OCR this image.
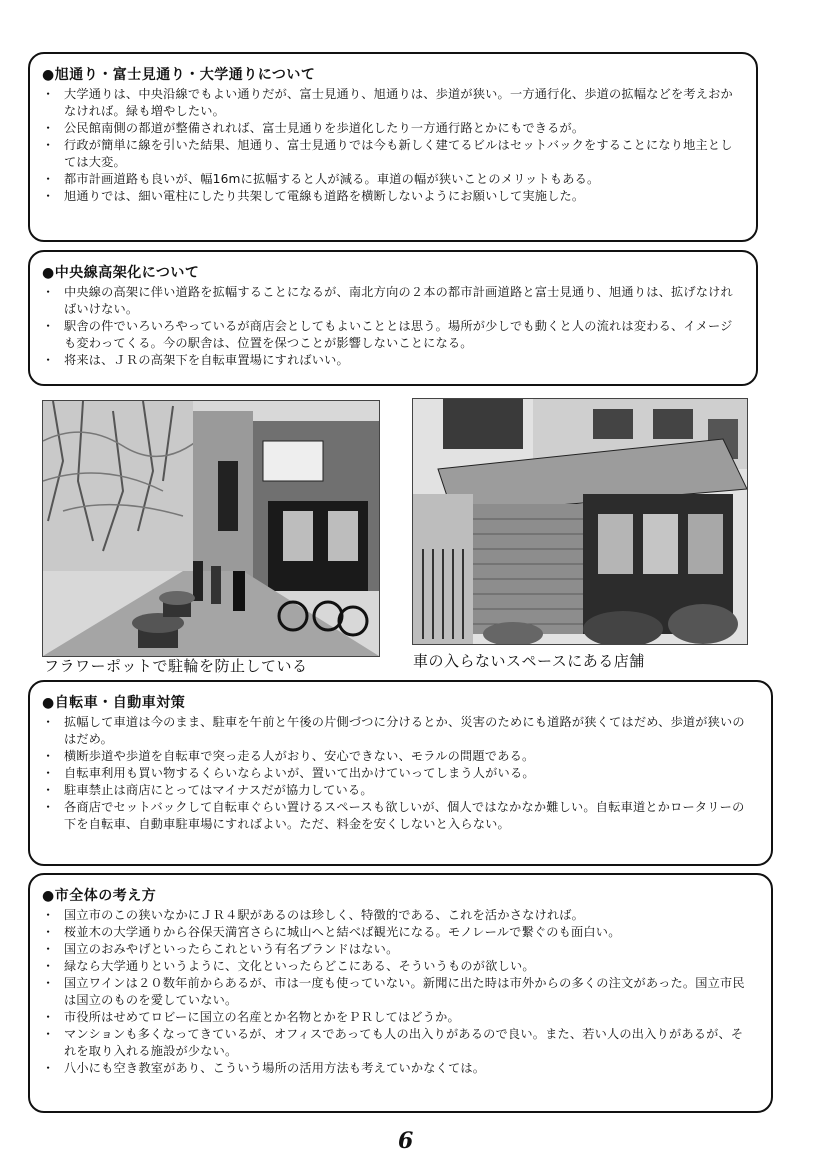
●旭通り・富士見通り・大学通りについて
・ 大学通りは、中央沿線でもよい通りだが、富士見通り、旭通りは、歩道が狭い。一方通行化、歩道の拡幅などを考えおかなければ。緑も増やしたい。
・ 公民館南側の都道が整備されれば、富士見通りを歩道化したり一方通行路とかにもできるが。
・ 行政が簡単に線を引いた結果、旭通り、富士見通りでは今も新しく建てるビルはセットバックをすることになり地主としては大変。
・ 都市計画道路も良いが、幅16mに拡幅すると人が減る。車道の幅が狭いことのメリットもある。
・ 旭通りでは、細い電柱にしたり共架して電線も道路を横断しないようにお願いして実施した。
●中央線高架化について
・ 中央線の高架に伴い道路を拡幅することになるが、南北方向の２本の都市計画道路と富士見通り、旭通りは、拡げなければいけない。
・ 駅舎の件でいろいろやっているが商店会としてもよいこととは思う。場所が少しでも動くと人の流れは変わる、イメージも変わってくる。今の駅舎は、位置を保つことが影響しないことになる。
・ 将来は、ＪＲの高架下を自転車置場にすればいい。
フラワーポットで駐輪を防止している	車の入らないスペースにある店舗
●自転車・自動車対策
・ 拡幅して車道は今のまま、駐車を午前と午後の片側づつに分けるとか、災害のためにも道路が狭くてはだめ、歩道が狭いのはだめ。
・ 横断歩道や歩道を自転車で突っ走る人がおり、安心できない、モラルの問題である。
・ 自転車利用も買い物するくらいならよいが、置いて出かけていってしまう人がいる。
・ 駐車禁止は商店にとってはマイナスだが協力している。
・ 各商店でセットバックして自転車ぐらい置けるスペースも欲しいが、個人ではなかなか難しい。自転車道とかロータリーの下を自転車、自動車駐車場にすればよい。ただ、料金を安くしないと入らない。
●市全体の考え方
・ 国立市のこの狭いなかにＪＲ４駅があるのは珍しく、特徴的である、これを活かさなければ。
・ 桜並木の大学通りから谷保天満宮さらに城山へと結べば観光になる。モノレールで繋ぐのも面白い。
・ 国立のおみやげといったらこれという有名ブランドはない。
・ 緑なら大学通りというように、文化といったらどこにある、そういうものが欲しい。
・ 国立ワインは２０数年前からあるが、市は一度も使っていない。新聞に出た時は市外からの多くの注文があった。国立市民は国立のものを愛していない。
・ 市役所はせめてロビーに国立の名産とか名物とかをＰＲしてはどうか。
・ マンションも多くなってきているが、オフィスであっても人の出入りがあるので良い。また、若い人の出入りがあるが、それを取り入れる施設が少ない。
・ 八小にも空き教室があり、こういう場所の活用方法も考えていかなくては。
6
